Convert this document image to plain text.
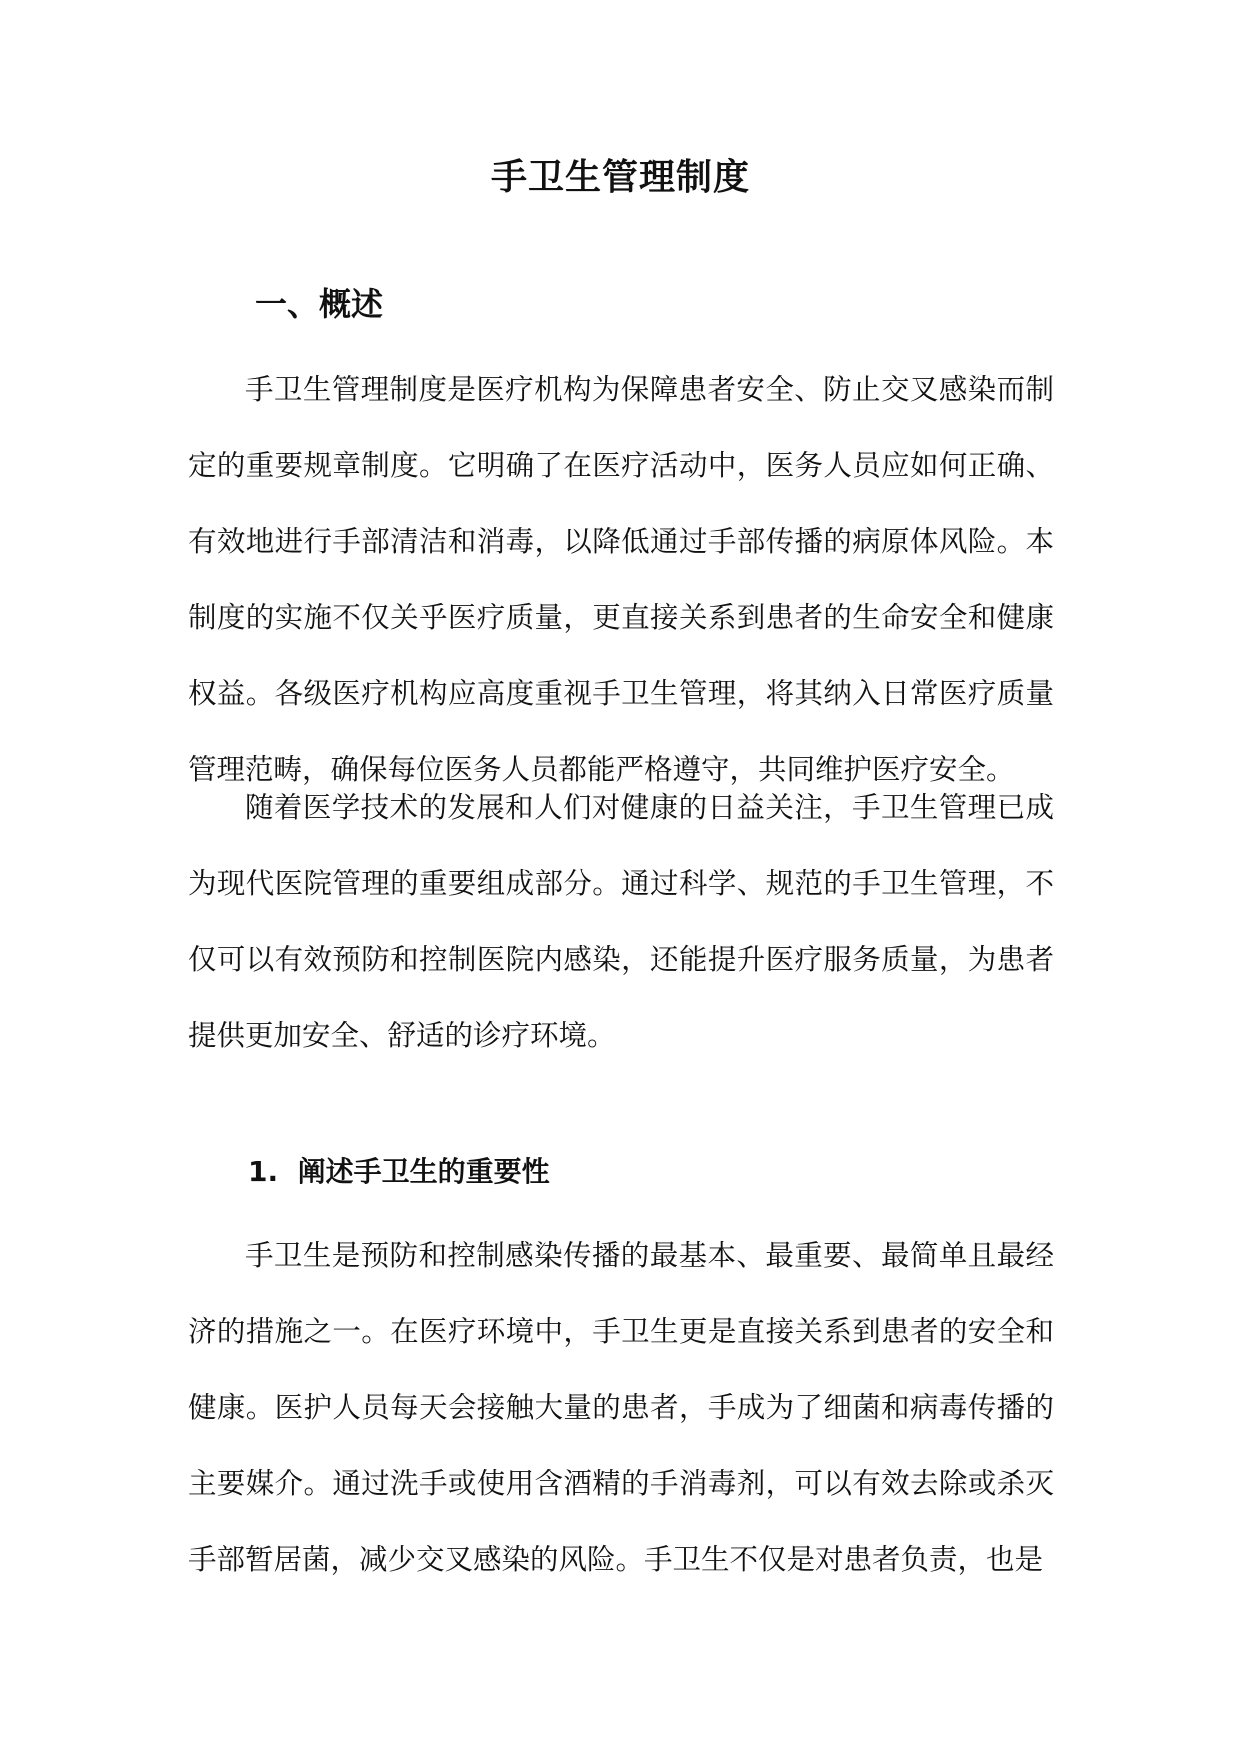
手卫生管理制度
一、概述

手卫生管理制度是医疗机构为保障患者安全、防止交叉感染而制定的重要规章制度。它明确了在医疗活动中，医务人员应如何正确、有效地进行手部清洁和消毒，以降低通过手部传播的病原体风险。本制度的实施不仅关乎医疗质量，更直接关系到患者的生命安全和健康权益。各级医疗机构应高度重视手卫生管理，将其纳入日常医疗质量管理范畴，确保每位医务人员都能严格遵守，共同维护医疗安全。

随着医学技术的发展和人们对健康的日益关注，手卫生管理已成为现代医院管理的重要组成部分。通过科学、规范的手卫生管理，不仅可以有效预防和控制医院内感染，还能提升医疗服务质量，为患者提供更加安全、舒适的诊疗环境。

1.  阐述手卫生的重要性

手卫生是预防和控制感染传播的最基本、最重要、最简单且最经济的措施之一。在医疗环境中，手卫生更是直接关系到患者的安全和健康。医护人员每天会接触大量的患者，手成为了细菌和病毒传播的主要媒介。通过洗手或使用含酒精的手消毒剂，可以有效去除或杀灭手部暂居菌，减少交叉感染的风险。手卫生不仅是对患者负责，也是
